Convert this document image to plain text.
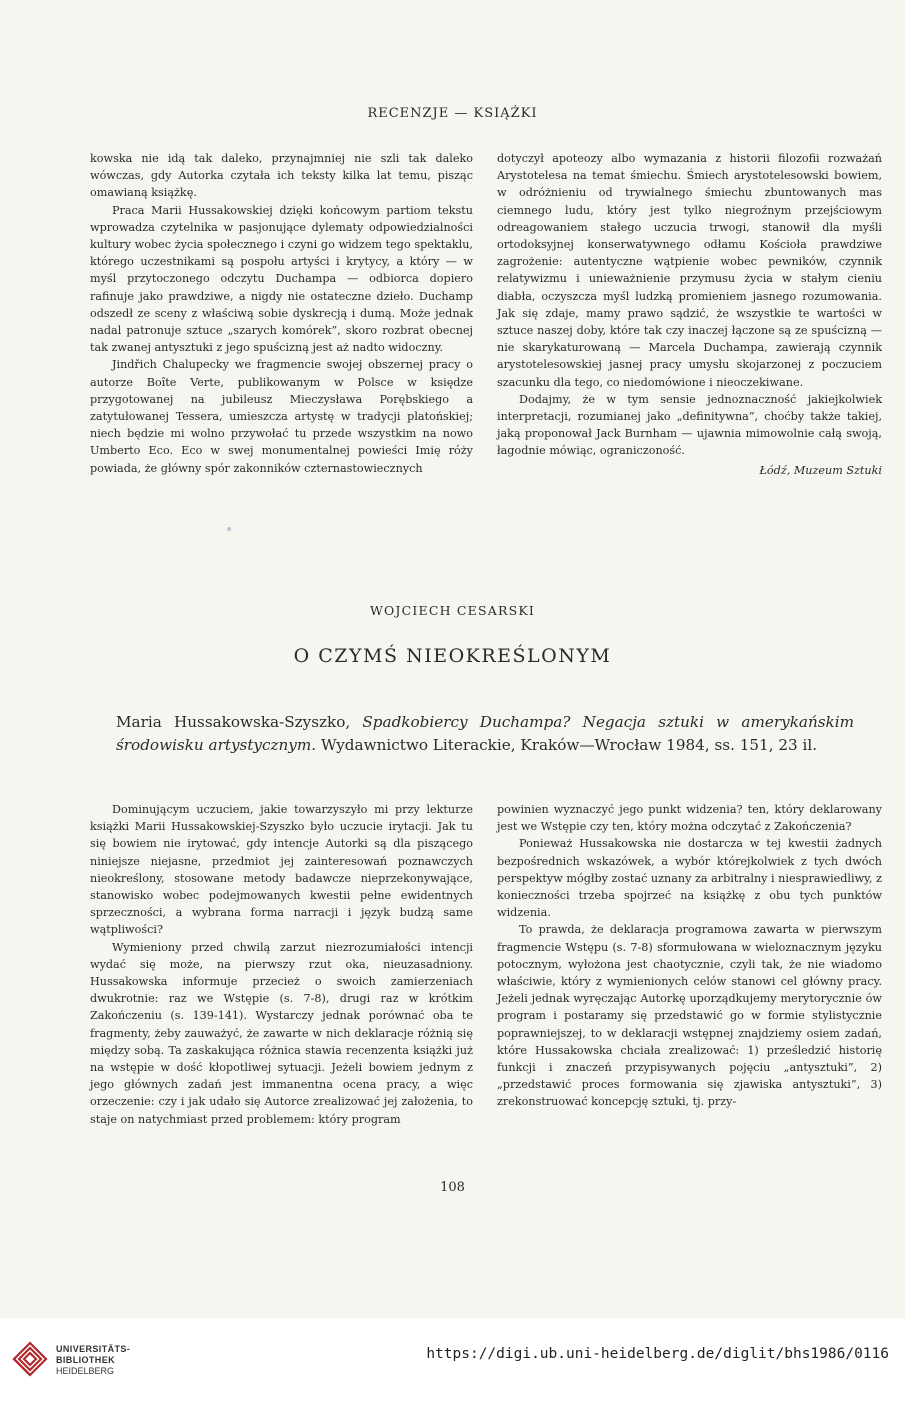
RECENZJE — KSIĄŻKI

kowska nie idą tak daleko, przynajmniej nie szli tak daleko wówczas, gdy Autorka czytała ich teksty kilka lat temu, pisząc omawianą książkę.

Praca Marii Hussakowskiej dzięki końcowym partiom tekstu wprowadza czytelnika w pasjonujące dylematy odpowiedzialności kultury wobec życia społecznego i czyni go widzem tego spektaklu, którego uczestnikami są pospołu artyści i krytycy, a który — w myśl przytoczonego odczytu Duchampa — odbiorca dopiero rafinuje jako prawdziwe, a nigdy nie ostateczne dzieło. Duchamp odszedł ze sceny z właściwą sobie dyskrecją i dumą. Może jednak nadal patronuje sztuce „szarych komórek”, skoro rozbrat obecnej tak zwanej antysztuki z jego spuścizną jest aż nadto widoczny.

Jindřich Chalupecky we fragmencie swojej obszernej pracy o autorze Boîte Verte, publikowanym w Polsce w księdze przygotowanej na jubileusz Mieczysława Porębskiego a zatytułowanej Tessera, umieszcza artystę w tradycji platońskiej; niech będzie mi wolno przywołać tu przede wszystkim na nowo Umberto Eco. Eco w swej monumentalnej powieści Imię róży powiada, że główny spór zakonników czternastowiecznych

dotyczył apoteozy albo wymazania z historii filozofii rozważań Arystotelesa na temat śmiechu. Śmiech arystotelesowski bowiem, w odróżnieniu od trywialnego śmiechu zbuntowanych mas ciemnego ludu, który jest tylko niegroźnym przejściowym odreagowaniem stałego uczucia trwogi, stanowił dla myśli ortodoksyjnej konserwatywnego odłamu Kościoła prawdziwe zagrożenie: autentyczne wątpienie wobec pewników, czynnik relatywizmu i unieważnienie przymusu życia w stałym cieniu diabła, oczyszcza myśl ludzką promieniem jasnego rozumowania. Jak się zdaje, mamy prawo sądzić, że wszystkie te wartości w sztuce naszej doby, które tak czy inaczej łączone są ze spuścizną — nie skarykaturowaną — Marcela Duchampa, zawierają czynnik arystotelesowskiej jasnej pracy umysłu skojarzonej z poczuciem szacunku dla tego, co niedomówione i nieoczekiwane.

Dodajmy, że w tym sensie jednoznaczność jakiejkolwiek interpretacji, rozumianej jako „definitywna”, choćby także takiej, jaką proponował Jack Burnham — ujawnia mimowolnie całą swoją, łagodnie mówiąc, ograniczoność.

Łódź, Muzeum Sztuki

WOJCIECH CESARSKI
O CZYMŚ NIEOKREŚLONYM
Maria Hussakowska-Szyszko, Spadkobiercy Duchampa? Negacja sztuki w amerykańskim środowisku artystycznym. Wydawnictwo Literackie, Kraków—Wrocław 1984, ss. 151, 23 il.

Dominującym uczuciem, jakie towarzyszyło mi przy lekturze książki Marii Hussakowskiej-Szyszko było uczucie irytacji. Jak tu się bowiem nie irytować, gdy intencje Autorki są dla piszącego niniejsze niejasne, przedmiot jej zainteresowań poznawczych nieokreślony, stosowane metody badawcze nieprzekonywające, stanowisko wobec podejmowanych kwestii pełne ewidentnych sprzeczności, a wybrana forma narracji i język budzą same wątpliwości?

Wymieniony przed chwilą zarzut niezrozumiałości intencji wydać się może, na pierwszy rzut oka, nieuzasadniony. Hussakowska informuje przecież o swoich zamierzeniach dwukrotnie: raz we Wstępie (s. 7-8), drugi raz w krótkim Zakończeniu (s. 139-141). Wystarczy jednak porównać oba te fragmenty, żeby zauważyć, że zawarte w nich deklaracje różnią się między sobą. Ta zaskakująca różnica stawia recenzenta książki już na wstępie w dość kłopotliwej sytuacji. Jeżeli bowiem jednym z jego głównych zadań jest immanentna ocena pracy, a więc orzeczenie: czy i jak udało się Autorce zrealizować jej założenia, to staje on natychmiast przed problemem: który program

powinien wyznaczyć jego punkt widzenia? ten, który deklarowany jest we Wstępie czy ten, który można odczytać z Zakończenia?

Ponieważ Hussakowska nie dostarcza w tej kwestii żadnych bezpośrednich wskazówek, a wybór którejkolwiek z tych dwóch perspektyw mógłby zostać uznany za arbitralny i niesprawiedliwy, z konieczności trzeba spojrzeć na książkę z obu tych punktów widzenia.

To prawda, że deklaracja programowa zawarta w pierwszym fragmencie Wstępu (s. 7-8) sformułowana w wieloznacznym języku potocznym, wyłożona jest chaotycznie, czyli tak, że nie wiadomo właściwie, który z wymienionych celów stanowi cel główny pracy. Jeżeli jednak wyręczając Autorkę uporządkujemy merytorycznie ów program i postaramy się przedstawić go w formie stylistycznie poprawniejszej, to w deklaracji wstępnej znajdziemy osiem zadań, które Hussakowska chciała zrealizować: 1) prześledzić historię funkcji i znaczeń przypisywanych pojęciu „antysztuki”, 2) „przedstawić proces formowania się zjawiska antysztuki”, 3) zrekonstruować koncepcję sztuki, tj. przy-

108
UNIVERSITÄTS-
BIBLIOTHEK
HEIDELBERG
https://digi.ub.uni-heidelberg.de/diglit/bhs1986/0116
